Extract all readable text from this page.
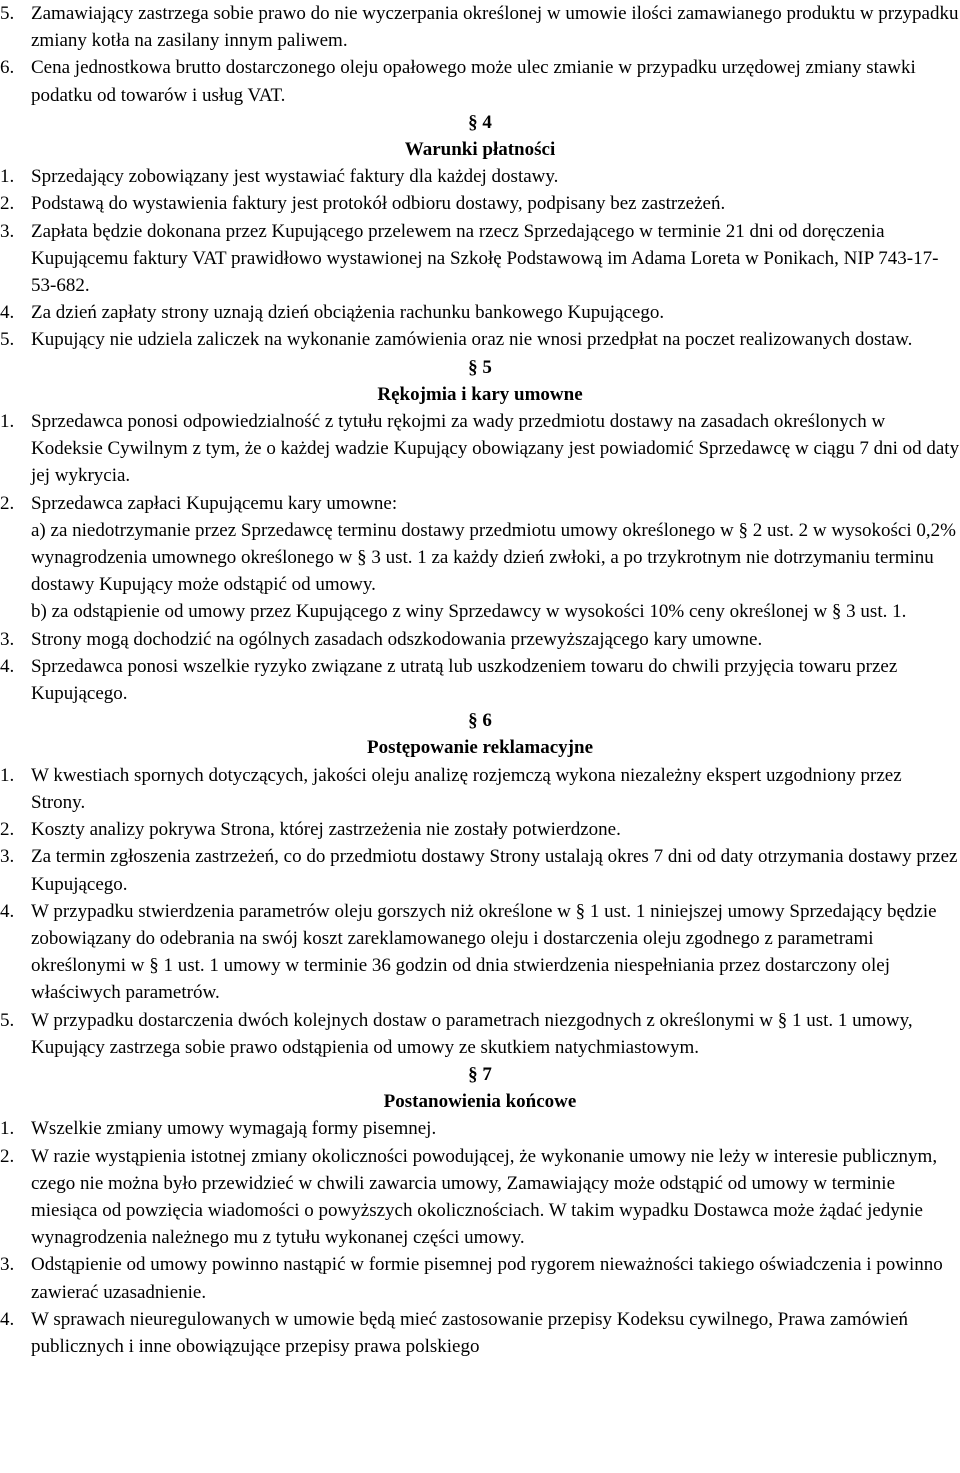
5. Zamawiający zastrzega sobie prawo do nie wyczerpania określonej w umowie ilości zamawianego produktu w przypadku zmiany kotła na zasilany innym paliwem.
6. Cena jednostkowa brutto dostarczonego oleju opałowego może ulec zmianie w przypadku urzędowej zmiany stawki podatku od towarów i usług VAT.
§ 4
Warunki płatności
1. Sprzedający zobowiązany jest wystawiać faktury dla każdej dostawy.
2. Podstawą do wystawienia faktury jest protokół odbioru dostawy, podpisany bez zastrzeżeń.
3. Zapłata będzie dokonana przez Kupującego przelewem na rzecz Sprzedającego w terminie 21 dni od doręczenia Kupującemu faktury VAT prawidłowo wystawionej na Szkołę Podstawową im Adama Loreta w Ponikach, NIP 743-17-53-682.
4. Za dzień zapłaty strony uznają dzień obciążenia rachunku bankowego Kupującego.
5. Kupujący nie udziela zaliczek na wykonanie zamówienia oraz nie wnosi przedpłat na poczet realizowanych dostaw.
§ 5
Rękojmia i kary umowne
1. Sprzedawca ponosi odpowiedzialność z tytułu rękojmi za wady przedmiotu dostawy na zasadach określonych w Kodeksie Cywilnym z tym, że o każdej wadzie Kupujący obowiązany jest powiadomić Sprzedawcę w ciągu 7 dni od daty jej wykrycia.
2. Sprzedawca zapłaci Kupującemu kary umowne:
a) za niedotrzymanie przez Sprzedawcę terminu dostawy przedmiotu umowy określonego w § 2 ust. 2 w wysokości 0,2% wynagrodzenia umownego określonego w § 3 ust. 1 za każdy dzień zwłoki, a po trzykrotnym nie dotrzymaniu terminu dostawy Kupujący może odstąpić od umowy.
b) za odstąpienie od umowy przez Kupującego z winy Sprzedawcy w wysokości 10% ceny określonej w § 3 ust. 1.
3. Strony mogą dochodzić na ogólnych zasadach odszkodowania przewyższającego kary umowne.
4. Sprzedawca ponosi wszelkie ryzyko związane z utratą lub uszkodzeniem towaru do chwili przyjęcia towaru przez Kupującego.
§ 6
Postępowanie reklamacyjne
1. W kwestiach spornych dotyczących, jakości oleju analizę rozjemczą wykona niezależny ekspert uzgodniony przez Strony.
2. Koszty analizy pokrywa Strona, której zastrzeżenia nie zostały potwierdzone.
3. Za termin zgłoszenia zastrzeżeń, co do przedmiotu dostawy Strony ustalają okres 7 dni od daty otrzymania dostawy przez Kupującego.
4. W przypadku stwierdzenia parametrów oleju gorszych niż określone w § 1 ust. 1 niniejszej umowy Sprzedający będzie zobowiązany do odebrania na swój koszt zareklamowanego oleju i dostarczenia oleju zgodnego z parametrami określonymi w § 1 ust. 1 umowy w terminie 36 godzin od dnia stwierdzenia niespełniania przez dostarczony olej właściwych parametrów.
5. W przypadku dostarczenia dwóch kolejnych dostaw o parametrach niezgodnych z określonymi w § 1 ust. 1 umowy, Kupujący zastrzega sobie prawo odstąpienia od umowy ze skutkiem natychmiastowym.
§ 7
Postanowienia końcowe
1. Wszelkie zmiany umowy wymagają formy pisemnej.
2. W razie wystąpienia istotnej zmiany okoliczności powodującej, że wykonanie umowy nie leży w interesie publicznym, czego nie można było przewidzieć w chwili zawarcia umowy, Zamawiający może odstąpić od umowy w terminie miesiąca od powzięcia wiadomości o powyższych okolicznościach. W takim wypadku Dostawca może żądać jedynie wynagrodzenia należnego mu z tytułu wykonanej części umowy.
3. Odstąpienie od umowy powinno nastąpić w formie pisemnej pod rygorem nieważności takiego oświadczenia i powinno zawierać uzasadnienie.
4. W sprawach nieuregulowanych w umowie będą mieć zastosowanie przepisy Kodeksu cywilnego, Prawa zamówień publicznych i inne obowiązujące przepisy prawa polskiego
